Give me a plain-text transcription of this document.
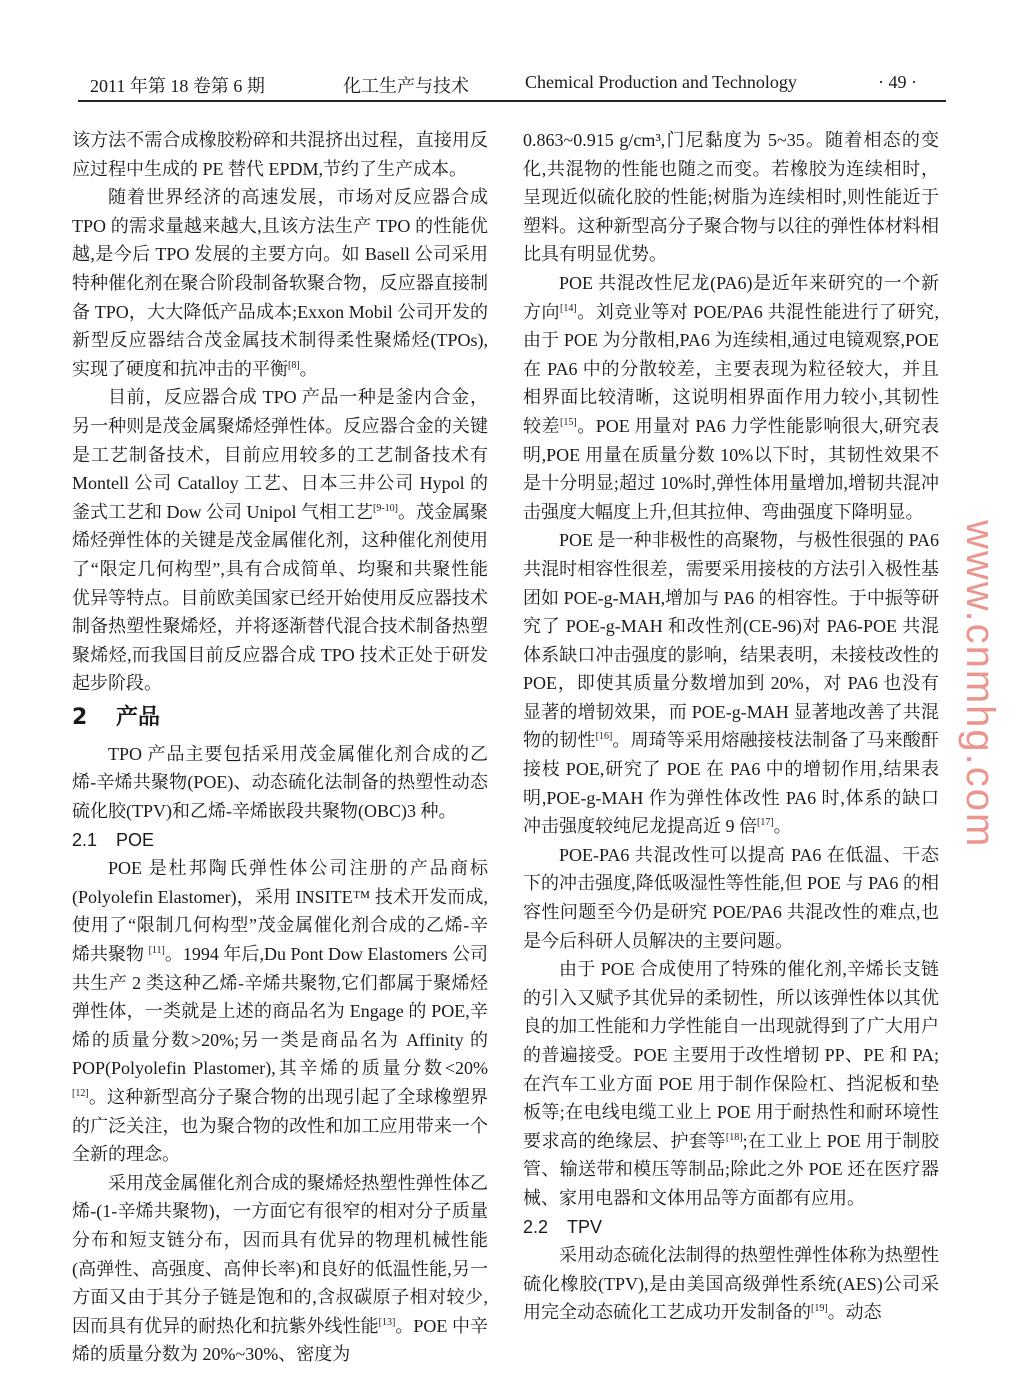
2011 年第 18 卷第 6 期	化工生产与技术	Chemical Production and Technology	· 49 ·

该方法不需合成橡胶粉碎和共混挤出过程，直接用反应过程中生成的 PE 替代 EPDM,节约了生产成本。

随着世界经济的高速发展，市场对反应器合成 TPO 的需求量越来越大,且该方法生产 TPO 的性能优越,是今后 TPO 发展的主要方向。如 Basell 公司采用特种催化剂在聚合阶段制备软聚合物，反应器直接制备 TPO，大大降低产品成本;Exxon Mobil 公司开发的新型反应器结合茂金属技术制得柔性聚烯烃(TPOs),实现了硬度和抗冲击的平衡[8]。

目前，反应器合成 TPO 产品一种是釜内合金，另一种则是茂金属聚烯烃弹性体。反应器合金的关键是工艺制备技术，目前应用较多的工艺制备技术有 Montell 公司 Catalloy 工艺、日本三井公司 Hypol 的釜式工艺和 Dow 公司 Unipol 气相工艺[9-10]。茂金属聚烯烃弹性体的关键是茂金属催化剂，这种催化剂使用了“限定几何构型”,具有合成简单、均聚和共聚性能优异等特点。目前欧美国家已经开始使用反应器技术制备热塑性聚烯烃，并将逐渐替代混合技术制备热塑聚烯烃,而我国目前反应器合成 TPO 技术正处于研发起步阶段。

2 产品

TPO 产品主要包括采用茂金属催化剂合成的乙烯-辛烯共聚物(POE)、动态硫化法制备的热塑性动态硫化胶(TPV)和乙烯-辛烯嵌段共聚物(OBC)3 种。

2.1 POE

POE 是杜邦陶氏弹性体公司注册的产品商标(Polyolefin Elastomer)，采用 INSITE™ 技术开发而成,使用了“限制几何构型”茂金属催化剂合成的乙烯-辛烯共聚物 [11]。1994 年后,Du Pont Dow Elastomers 公司共生产 2 类这种乙烯-辛烯共聚物,它们都属于聚烯烃弹性体，一类就是上述的商品名为 Engage 的 POE,辛烯的质量分数>20%;另一类是商品名为 Affinity 的 POP(Polyolefin Plastomer),其辛烯的质量分数<20%[12]。这种新型高分子聚合物的出现引起了全球橡塑界的广泛关注，也为聚合物的改性和加工应用带来一个全新的理念。

采用茂金属催化剂合成的聚烯烃热塑性弹性体乙烯-(1-辛烯共聚物)，一方面它有很窄的相对分子质量分布和短支链分布，因而具有优异的物理机械性能(高弹性、高强度、高伸长率)和良好的低温性能,另一方面又由于其分子链是饱和的,含叔碳原子相对较少,因而具有优异的耐热化和抗紫外线性能[13]。POE 中辛烯的质量分数为 20%~30%、密度为

0.863~0.915 g/cm³,门尼黏度为 5~35。随着相态的变化,共混物的性能也随之而变。若橡胶为连续相时，呈现近似硫化胶的性能;树脂为连续相时,则性能近于塑料。这种新型高分子聚合物与以往的弹性体材料相比具有明显优势。

POE 共混改性尼龙(PA6)是近年来研究的一个新方向[14]。刘竞业等对 POE/PA6 共混性能进行了研究,由于 POE 为分散相,PA6 为连续相,通过电镜观察,POE 在 PA6 中的分散较差，主要表现为粒径较大，并且相界面比较清晰，这说明相界面作用力较小,其韧性较差[15]。POE 用量对 PA6 力学性能影响很大,研究表明,POE 用量在质量分数 10%以下时，其韧性效果不是十分明显;超过 10%时,弹性体用量增加,增韧共混冲击强度大幅度上升,但其拉伸、弯曲强度下降明显。

POE 是一种非极性的高聚物，与极性很强的 PA6 共混时相容性很差，需要采用接枝的方法引入极性基团如 POE-g-MAH,增加与 PA6 的相容性。于中振等研究了 POE-g-MAH 和改性剂(CE-96)对 PA6-POE 共混体系缺口冲击强度的影响，结果表明，未接枝改性的 POE，即使其质量分数增加到 20%，对 PA6 也没有显著的增韧效果，而 POE-g-MAH 显著地改善了共混物的韧性[16]。周琦等采用熔融接枝法制备了马来酸酐接枝 POE,研究了 POE 在 PA6 中的增韧作用,结果表明,POE-g-MAH 作为弹性体改性 PA6 时,体系的缺口冲击强度较纯尼龙提高近 9 倍[17]。

POE-PA6 共混改性可以提高 PA6 在低温、干态下的冲击强度,降低吸湿性等性能,但 POE 与 PA6 的相容性问题至今仍是研究 POE/PA6 共混改性的难点,也是今后科研人员解决的主要问题。

由于 POE 合成使用了特殊的催化剂,辛烯长支链的引入又赋予其优异的柔韧性，所以该弹性体以其优良的加工性能和力学性能自一出现就得到了广大用户的普遍接受。POE 主要用于改性增韧 PP、PE 和 PA;在汽车工业方面 POE 用于制作保险杠、挡泥板和垫板等;在电线电缆工业上 POE 用于耐热性和耐环境性要求高的绝缘层、护套等[18];在工业上 POE 用于制胶管、输送带和模压等制品;除此之外 POE 还在医疗器械、家用电器和文体用品等方面都有应用。

2.2 TPV

采用动态硫化法制得的热塑性弹性体称为热塑性硫化橡胶(TPV),是由美国高级弹性系统(AES)公司采用完全动态硫化工艺成功开发制备的[19]。动态

www.cnmhg.com
